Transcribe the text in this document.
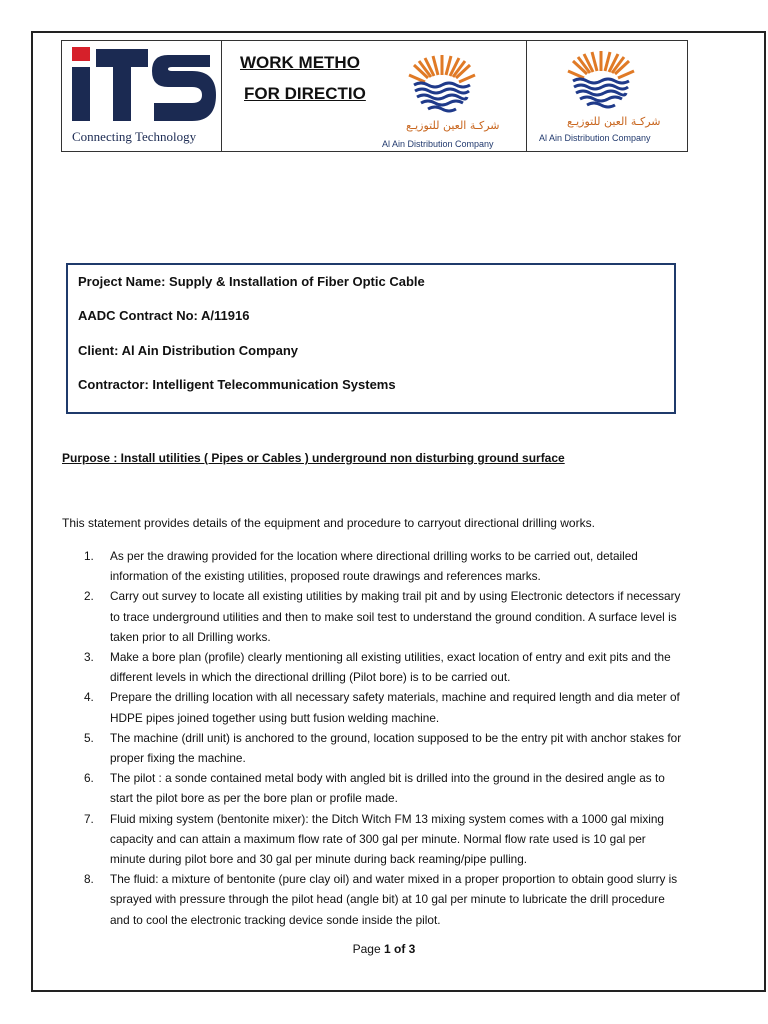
Connecting Technology
WORK METHO
FOR DIRECTIO
شركـة العين للتوزيـع
Al Ain Distribution Company
شركـة العين للتوزيـع
Al Ain Distribution Company
Project Name: Supply & Installation of Fiber Optic Cable
AADC Contract No: A/11916
Client: Al Ain Distribution Company
Contractor: Intelligent Telecommunication Systems
Purpose : Install utilities ( Pipes or Cables ) underground non disturbing ground surface
This statement provides details of the equipment and procedure to carryout directional drilling works.
1. As per the drawing provided for the location where directional drilling works to be carried out, detailed information of the existing utilities, proposed route drawings and references marks.
2. Carry out survey to locate all existing utilities by making trail pit and by using Electronic detectors if necessary to trace underground utilities and then to make soil test to understand the ground condition. A surface level is taken prior to all Drilling works.
3. Make a bore plan (profile) clearly mentioning all existing utilities, exact location of entry and exit pits and the different levels in which the directional drilling (Pilot bore) is to be carried out.
4. Prepare the drilling location with all necessary safety materials, machine and required length and dia meter of HDPE pipes joined together using butt fusion welding machine.
5. The machine (drill unit) is anchored to the ground, location supposed to be the entry pit with anchor stakes for proper fixing the machine.
6. The pilot : a sonde contained metal body with angled bit is drilled into the ground in the desired angle as to start the pilot bore as per the bore plan or profile made.
7. Fluid mixing system (bentonite mixer): the Ditch Witch FM 13 mixing system comes with a 1000 gal mixing capacity and can attain a maximum flow rate of 300 gal per minute. Normal flow rate used is 10 gal per minute during pilot bore and 30 gal per minute during back reaming/pipe pulling.
8. The fluid: a mixture of bentonite (pure clay oil) and water mixed in a proper proportion to obtain good slurry is sprayed with pressure through the pilot head (angle bit) at 10 gal per minute to lubricate the drill procedure and to cool the electronic tracking device sonde inside the pilot.
Page 1 of 3
